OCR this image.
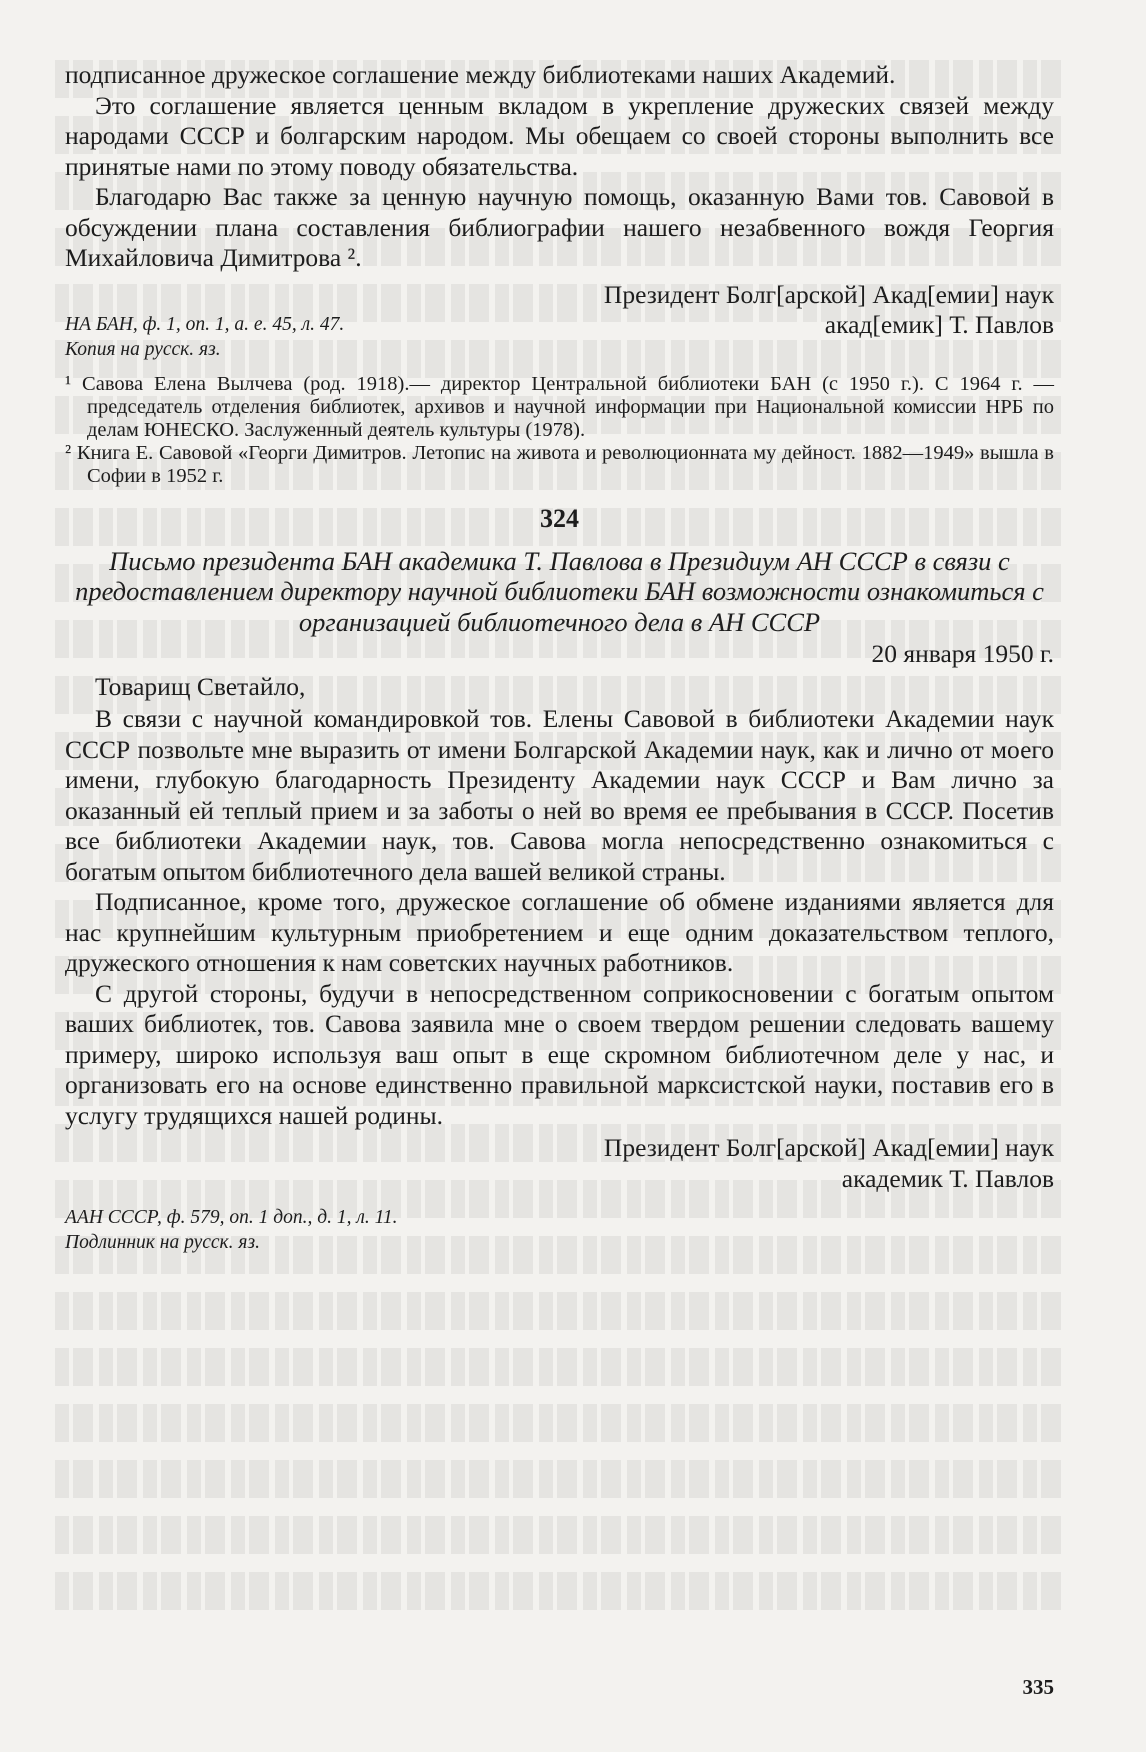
подписанное дружеское соглашение между библиотеками наших Академий.

Это соглашение является ценным вкладом в укрепление дружеских связей между народами СССР и болгарским народом. Мы обещаем со своей стороны выполнить все принятые нами по этому поводу обязательства.

Благодарю Вас также за ценную научную помощь, оказанную Вами тов. Савовой в обсуждении плана составления библиографии нашего незабвенного вождя Георгия Михайловича Димитрова ².

Президент Болг[арской] Акад[емии] наук
акад[емик] Т. Павлов
НА БАН, ф. 1, оп. 1, а. е. 45, л. 47.
Копия на русск. яз.

¹ Савова Елена Вылчева (род. 1918).— директор Центральной библиотеки БАН (с 1950 г.). С 1964 г. — председатель отделения библиотек, архивов и научной информации при Национальной комиссии НРБ по делам ЮНЕСКО. Заслуженный деятель культуры (1978).

² Книга Е. Савовой «Георги Димитров. Летопис на живота и революционната му дейност. 1882—1949» вышла в Софии в 1952 г.

324
Письмо президента БАН академика Т. Павлова в Президиум АН СССР в связи с предоставлением директору научной библиотеки БАН возможности ознакомиться с организацией библиотечного дела в АН СССР
20 января 1950 г.
Товарищ Светайло,

В связи с научной командировкой тов. Елены Савовой в библиотеки Академии наук СССР позвольте мне выразить от имени Болгарской Академии наук, как и лично от моего имени, глубокую благодарность Президенту Академии наук СССР и Вам лично за оказанный ей теплый прием и за заботы о ней во время ее пребывания в СССР. Посетив все библиотеки Академии наук, тов. Савова могла непосредственно ознакомиться с богатым опытом библиотечного дела вашей великой страны.

Подписанное, кроме того, дружеское соглашение об обмене изданиями является для нас крупнейшим культурным приобретением и еще одним доказательством теплого, дружеского отношения к нам советских научных работников.

С другой стороны, будучи в непосредственном соприкосновении с богатым опытом ваших библиотек, тов. Савова заявила мне о своем твердом решении следовать вашему примеру, широко используя ваш опыт в еще скромном библиотечном деле у нас, и организовать его на основе единственно правильной марксистской науки, поставив его в услугу трудящихся нашей родины.

Президент Болг[арской] Акад[емии] наук
академик Т. Павлов
ААН СССР, ф. 579, оп. 1 доп., д. 1, л. 11.
Подлинник на русск. яз.
335
